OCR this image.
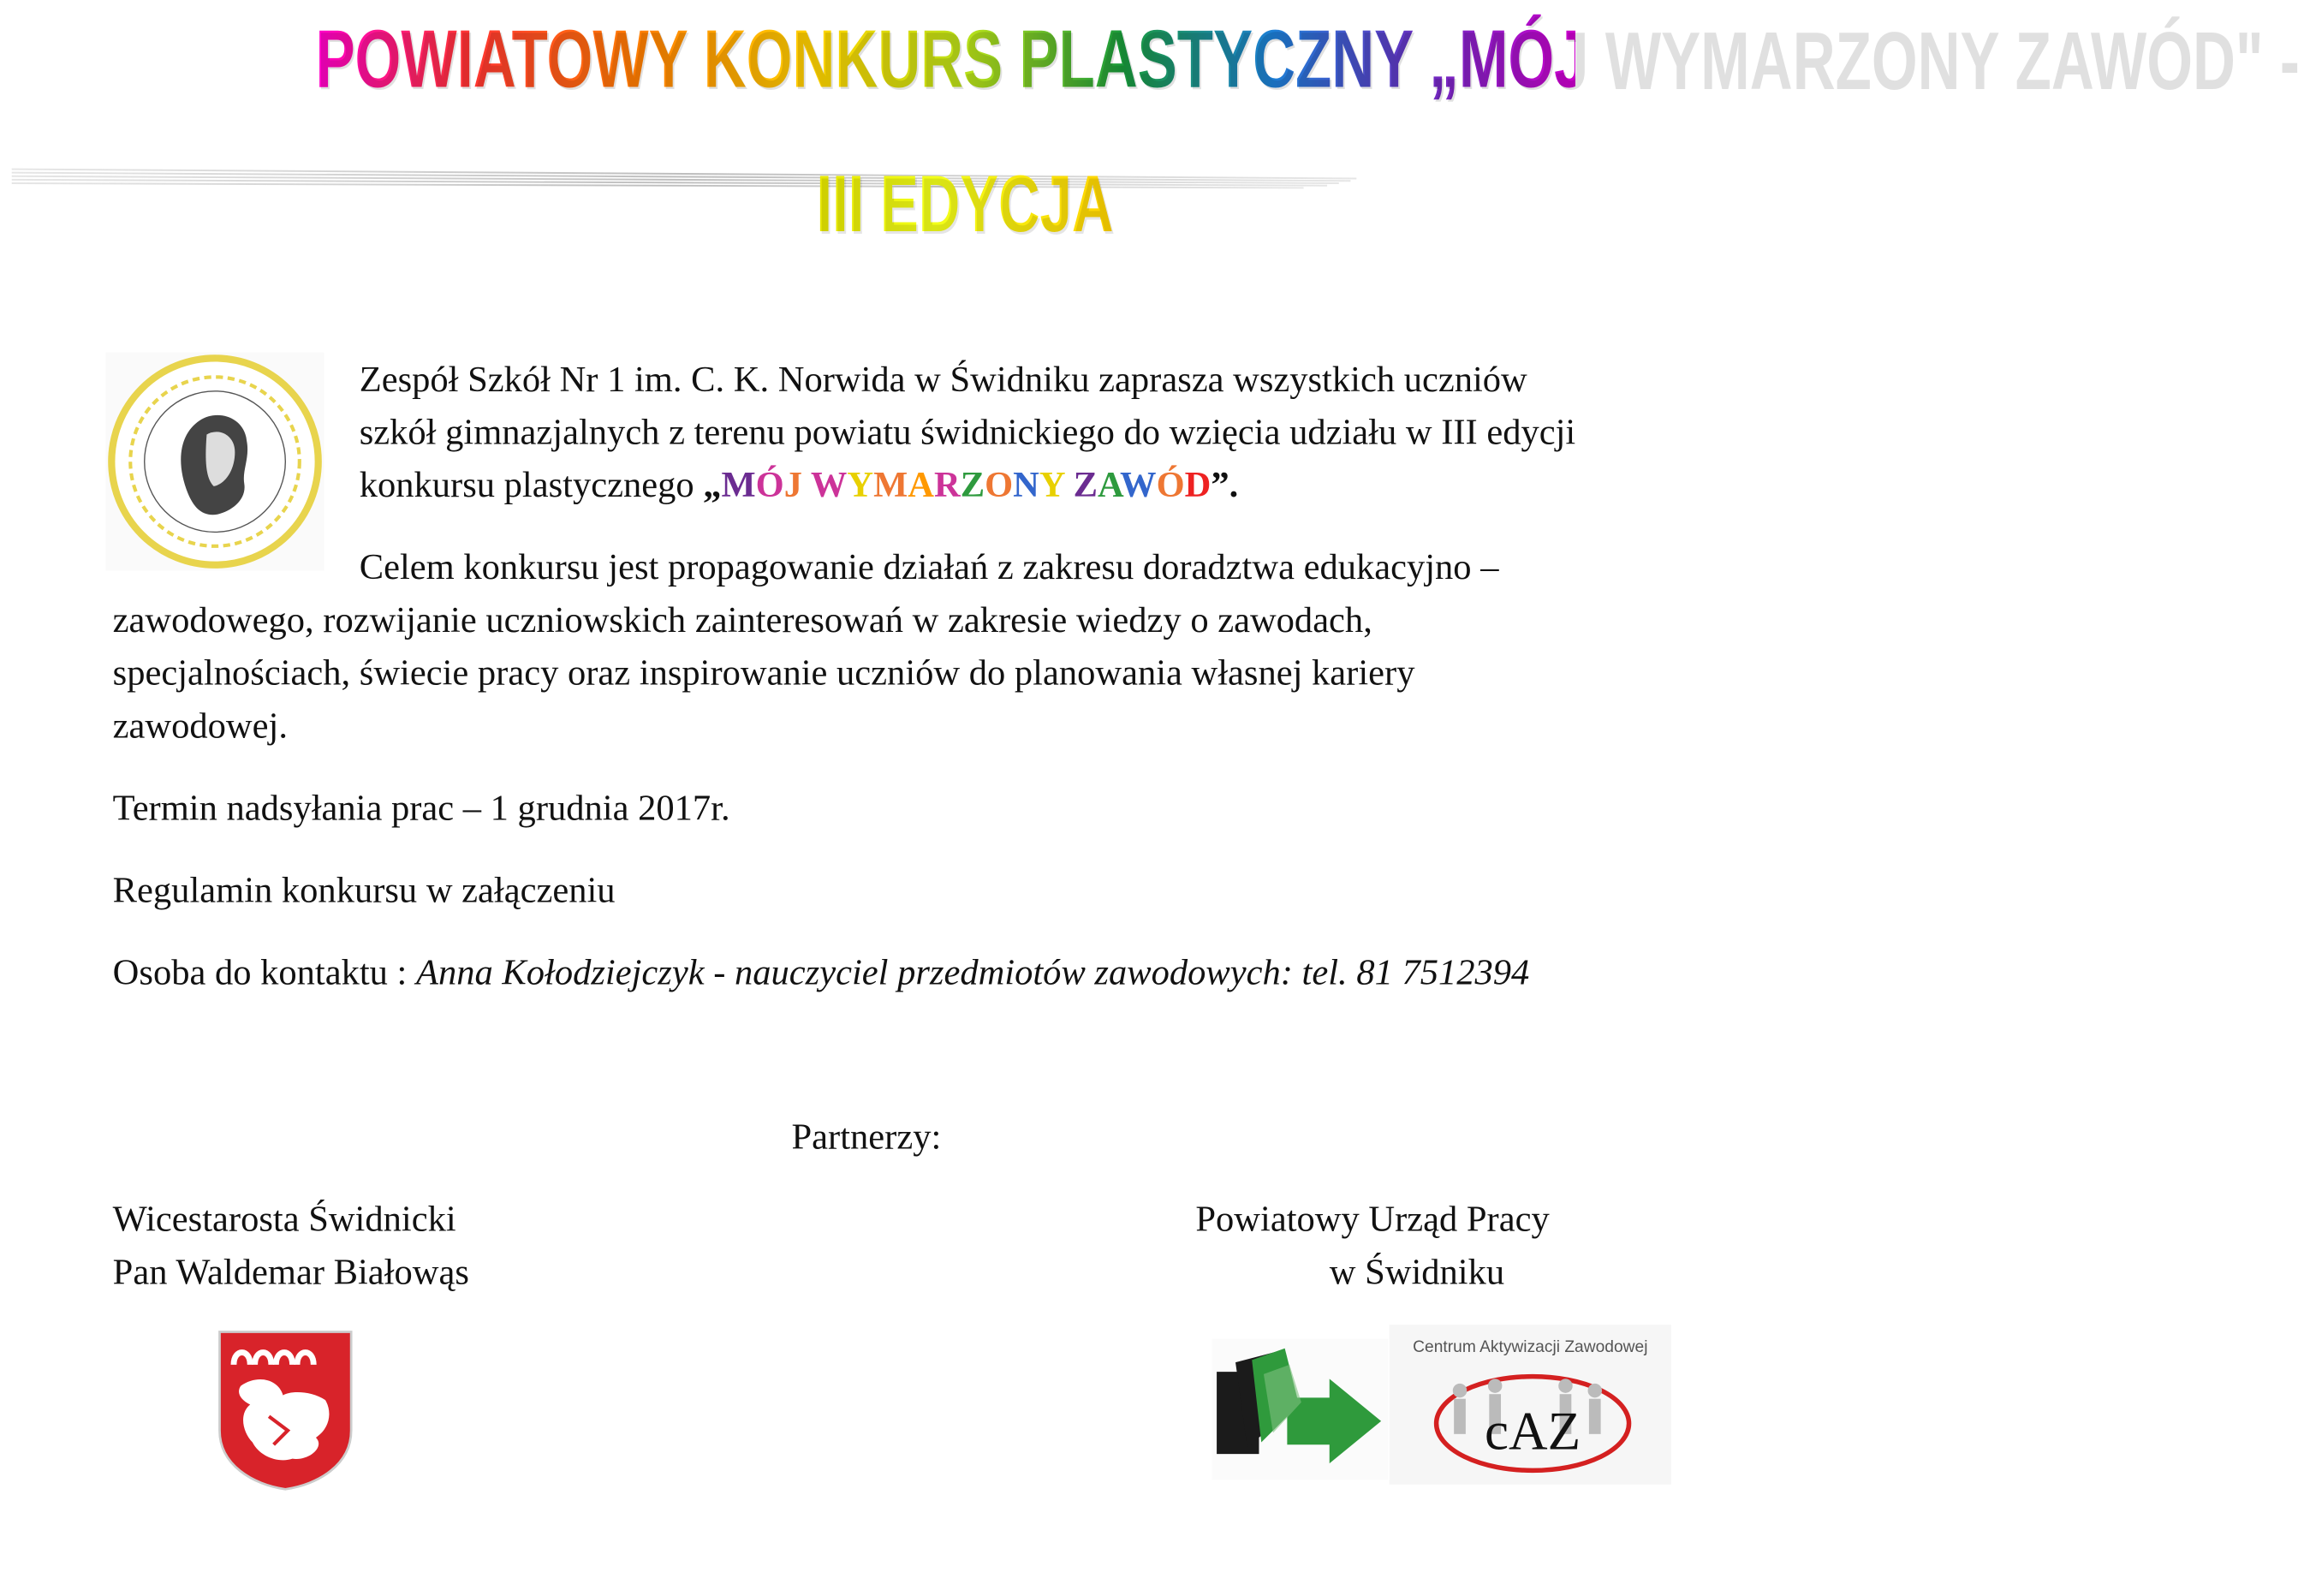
POWIATOWY KONKURS PLASTYCZNY „MÓJ WYMARZONY ZAWÓD" -
III EDYCJA
Zespół Szkół Nr 1 im. C. K. Norwida w Świdniku zaprasza wszystkich uczniów
szkół gimnazjalnych z terenu powiatu świdnickiego do wzięcia udziału w III edycji
konkursu plastycznego „MÓJ WYMARZONY ZAWÓD”.
Celem konkursu jest propagowanie działań z zakresu doradztwa edukacyjno –
zawodowego, rozwijanie uczniowskich zainteresowań w zakresie wiedzy o zawodach,
specjalnościach, świecie pracy oraz inspirowanie uczniów do planowania własnej kariery
zawodowej.
Termin nadsyłania prac – 1 grudnia 2017r.
Regulamin konkursu w załączeniu
Osoba do kontaktu : Anna Kołodziejczyk - nauczyciel przedmiotów zawodowych: tel. 81 7512394
Partnerzy:
Wicestarosta Świdnicki
Pan Waldemar Białowąs
Powiatowy Urząd Pracy
w Świdniku
Centrum Aktywizacji Zawodowej
cAZ
